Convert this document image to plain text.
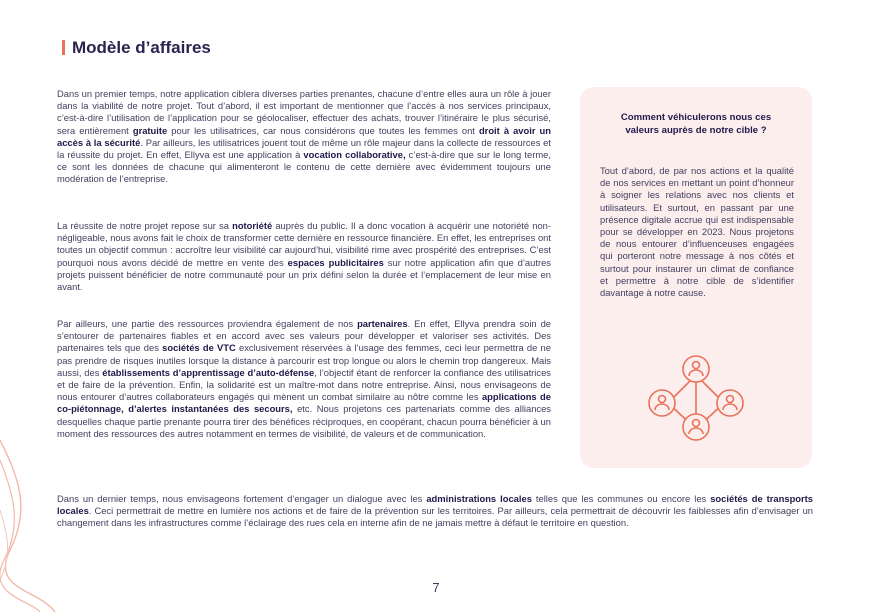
Modèle d’affaires

Dans un premier temps, notre application ciblera diverses parties prenantes, chacune d’entre elles aura un rôle à jouer dans la viabilité de notre projet. Tout d’abord, il est important de mentionner que l’accès à nos services principaux, c’est-à-dire l’utilisation de l’application pour se géolocaliser, effectuer des achats, trouver l’itinéraire le plus sécurisé, sera entièrement gratuite pour les utilisatrices, car nous considérons que toutes les femmes ont droit à avoir un accès à la sécurité. Par ailleurs, les utilisatrices jouent tout de même un rôle majeur dans la collecte de ressources et la réussite du projet. En effet, Ellyva est une application à vocation collaborative, c’est-à-dire que sur le long terme, ce sont les données de chacune qui alimenteront le contenu de cette dernière avec évidemment toujours une modération de l’entreprise.

La réussite de notre projet repose sur sa notoriété auprès du public. Il a donc vocation à acquérir une notoriété non-négligeable, nous avons fait le choix de transformer cette dernière en ressource financière. En effet, les entreprises ont toutes un objectif commun : accroître leur visibilité car aujourd’hui, visibilité rime avec prospérité des entreprises. C’est pourquoi nous avons décidé de mettre en vente des espaces publicitaires sur notre application afin que d’autres projets puissent bénéficier de notre communauté pour un prix défini selon la durée et l’emplacement de leur mise en avant.

Par ailleurs, une partie des ressources proviendra également de nos partenaires. En effet, Ellyva prendra soin de s’entourer de partenaires fiables et en accord avec ses valeurs pour développer et valoriser ses activités. Des partenaires tels que des sociétés de VTC exclusivement réservées à l’usage des femmes, ceci leur permettra de ne pas prendre de risques inutiles lorsque la distance à parcourir est trop longue ou alors le chemin trop dangereux. Mais aussi, des établissements d’apprentissage d’auto-défense, l’objectif étant de renforcer la confiance des utilisatrices et de faire de la prévention. Enfin, la solidarité est un maître-mot dans notre entreprise. Ainsi, nous envisageons de nous entourer d’autres collaborateurs engagés qui mènent un combat similaire au nôtre comme les applications de co-piétonnage, d’alertes instantanées des secours, etc. Nous projetons ces partenariats comme des alliances desquelles chaque partie prenante pourra tirer des bénéfices réciproques, en coopérant, chacun pourra bénéficier à un moment des ressources des autres notamment en termes de visibilité, de valeurs et de communication.

Dans un dernier temps, nous envisageons fortement d’engager un dialogue avec les administrations locales telles que les communes ou encore les sociétés de transports locales. Ceci permettrait de mettre en lumière nos actions et de faire de la prévention sur les territoires. Par ailleurs, cela permettrait de découvrir les faiblesses afin d’envisager un changement dans les infrastructures comme l’éclairage des rues cela en interne afin de ne jamais mettre à défaut le territoire en question.

Comment véhiculerons nous ces valeurs auprès de notre cible ?
Tout d’abord, de par nos actions et la qualité de nos services en mettant un point d’honneur à soigner les relations avec nos clients et utilisateurs. Et surtout, en passant par une présence digitale accrue qui est indispensable pour se développer en 2023. Nous projetons de nous entourer d’influenceuses engagées qui porteront notre message à nos côtés et surtout pour instaurer un climat de confiance et permettre à notre cible de s’identifier davantage à notre cause.
7
